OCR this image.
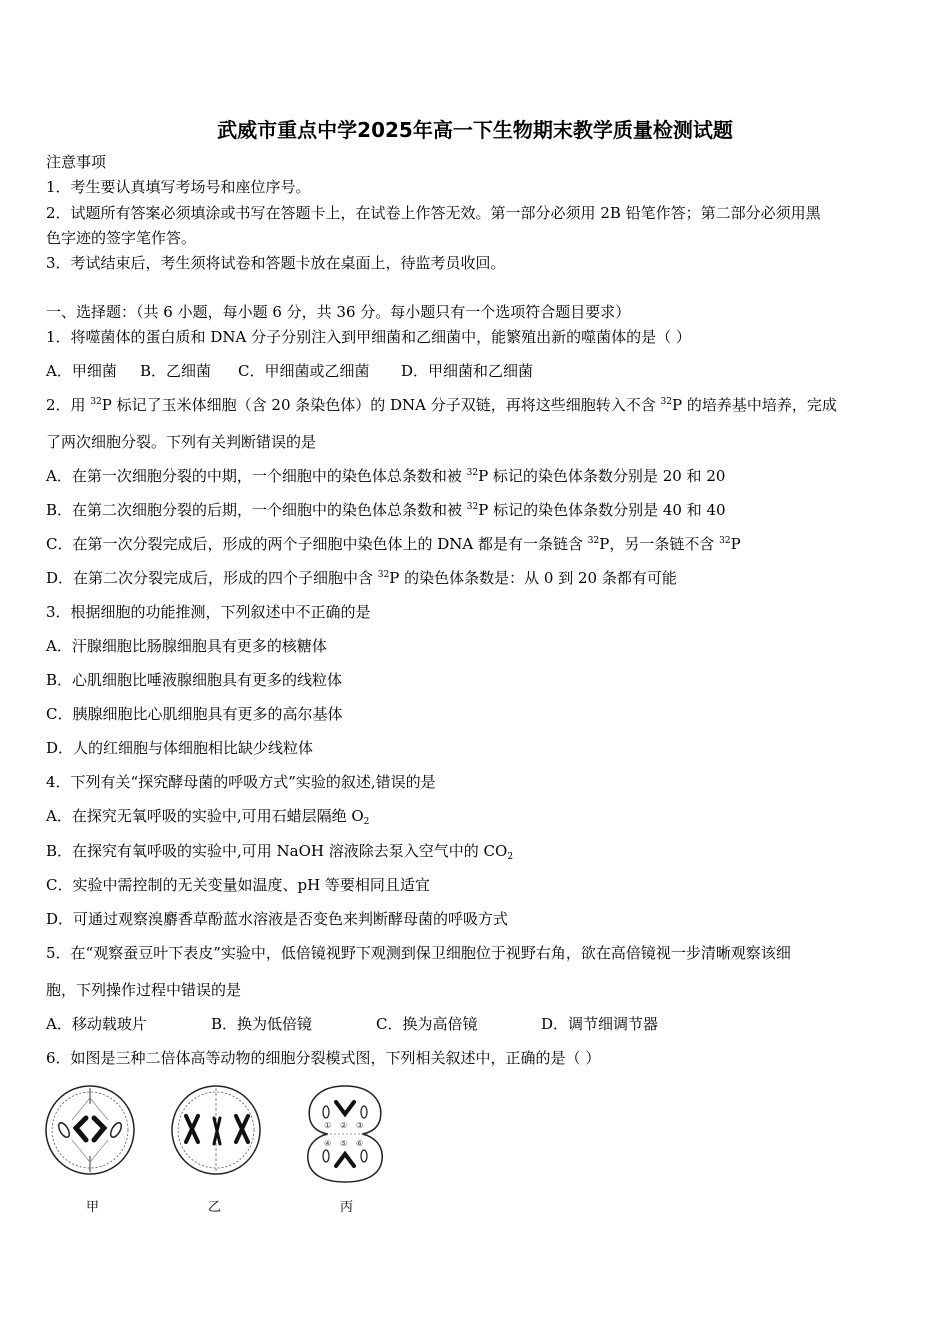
武威市重点中学2025年高一下生物期末教学质量检测试题
注意事项
1．考生要认真填写考场号和座位序号。
2．试题所有答案必须填涂或书写在答题卡上，在试卷上作答无效。第一部分必须用 2B 铅笔作答；第二部分必须用黑
色字迹的签字笔作答。
3．考试结束后，考生须将试卷和答题卡放在桌面上，待监考员收回。
一、选择题：（共 6 小题，每小题 6 分，共 36 分。每小题只有一个选项符合题目要求）
1．将噬菌体的蛋白质和 DNA 分子分别注入到甲细菌和乙细菌中，能繁殖出新的噬菌体的是（ ）
A．甲细菌 B．乙细菌 C．甲细菌或乙细菌 D．甲细菌和乙细菌
2．用 $^{32}$P 标记了玉米体细胞（含 20 条染色体）的 DNA 分子双链，再将这些细胞转入不含 $^{32}$P 的培养基中培养，完成
了两次细胞分裂。下列有关判断错误的是
A．在第一次细胞分裂的中期，一个细胞中的染色体总条数和被 $^{32}$P 标记的染色体条数分别是 20 和 20
B．在第二次细胞分裂的后期，一个细胞中的染色体总条数和被 $^{32}$P 标记的染色体条数分别是 40 和 40
C．在第一次分裂完成后，形成的两个子细胞中染色体上的 DNA 都是有一条链含 $^{32}$P，另一条链不含 $^{32}$P
D．在第二次分裂完成后，形成的四个子细胞中含 $^{32}$P 的染色体条数是：从 0 到 20 条都有可能
3．根据细胞的功能推测，下列叙述中不正确的是
A．汗腺细胞比肠腺细胞具有更多的核糖体
B．心肌细胞比唾液腺细胞具有更多的线粒体
C．胰腺细胞比心肌细胞具有更多的高尔基体
D．人的红细胞与体细胞相比缺少线粒体
4．下列有关“探究酵母菌的呼吸方式”实验的叙述,错误的是
A．在探究无氧呼吸的实验中,可用石蜡层隔绝 $O_2$
B．在探究有氧呼吸的实验中,可用 NaOH 溶液除去泵入空气中的 $CO_2$
C．实验中需控制的无关变量如温度、pH 等要相同且适宜
D．可通过观察溴麝香草酚蓝水溶液是否变色来判断酵母菌的呼吸方式
5．在“观察蚕豆叶下表皮”实验中，低倍镜视野下观测到保卫细胞位于视野右角，欲在高倍镜视一步清晰观察该细
胞，下列操作过程中错误的是
A．移动载玻片	B．换为低倍镜	C．换为高倍镜	D．调节细调节器
6．如图是三种二倍体高等动物的细胞分裂模式图，下列相关叙述中，正确的是（ ）
甲	乙
① ② ③
④ ⑤ ⑥
丙
